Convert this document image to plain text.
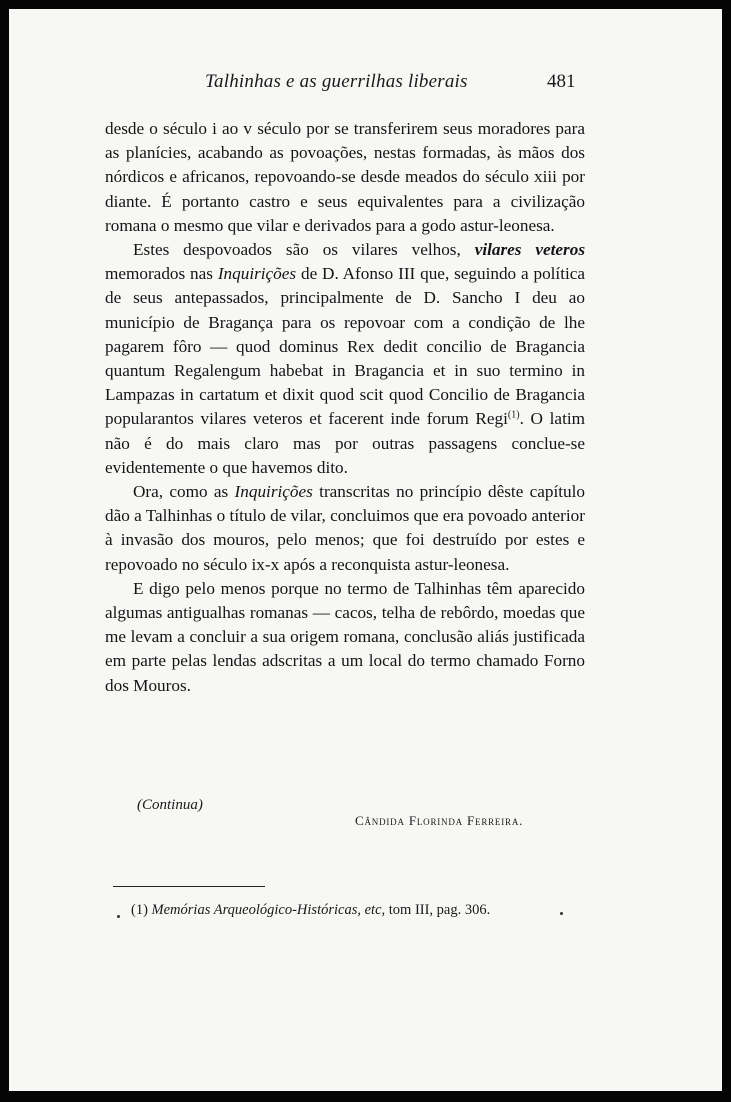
Talhinhas e as guerrilhas liberais	481

desde o século i ao v século por se transferirem seus moradores para as planícies, acabando as povoações, nestas formadas, às mãos dos nórdicos e africanos, repovoando-se desde meados do século xiii por diante. É portanto castro e seus equivalentes para a civilização romana o mesmo que vilar e derivados para a godo astur-leonesa.

Estes despovoados são os vilares velhos, vilares veteros memorados nas Inquirições de D. Afonso III que, seguindo a política de seus antepassados, principalmente de D. Sancho I deu ao município de Bragança para os repovoar com a condição de lhe pagarem fôro — quod dominus Rex dedit concilio de Bragancia quantum Regalengum habebat in Bragancia et in suo termino in Lampazas in cartatum et dixit quod scit quod Concilio de Bragancia popularantos vilares veteros et facerent inde forum Regi$^{(1)}$. O latim não é do mais claro mas por outras passagens conclue-se evidentemente o que havemos dito.

Ora, como as Inquirições transcritas no princípio dêste capítulo dão a Talhinhas o título de vilar, concluimos que era povoado anterior à invasão dos mouros, pelo menos; que foi destruído por estes e repovoado no século ix-x após a reconquista astur-leonesa.

E digo pelo menos porque no termo de Talhinhas têm aparecido algumas antigualhas romanas — cacos, telha de rebôrdo, moedas que me levam a concluir a sua origem romana, conclusão aliás justificada em parte pelas lendas adscritas a um local do termo chamado Forno dos Mouros.

(Continua)
Cândida Florinda Ferreira.
(1) Memórias Arqueológico-Históricas, etc, tom III, pag. 306.
